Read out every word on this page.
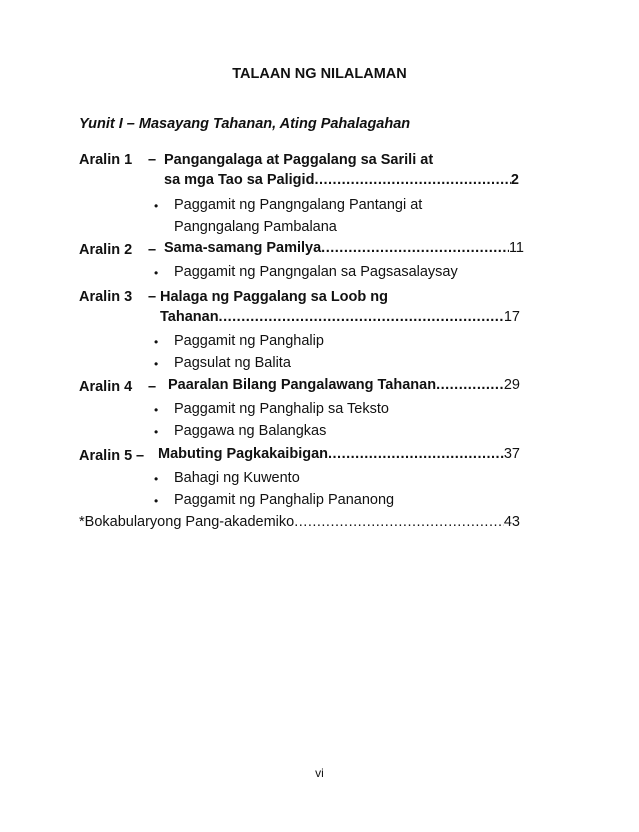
TALAAN NG NILALAMAN
Yunit I – Masayang Tahanan, Ating Pahalagahan
Aralin 1 – Pangangalaga at Paggalang sa Sarili at
sa mga Tao sa Paligid .....	2
• Paggamit ng Pangngalang Pantangi at
Pangngalang Pambalana
Aralin 2 – Sama-samang Pamilya .....	11
• Paggamit ng Pangngalan sa Pagsasalaysay
Aralin 3 – Halaga ng Paggalang sa Loob ng
Tahanan .....	17
• Paggamit ng Panghalip
• Pagsulat ng Balita
Aralin 4 – Paaralan Bilang Pangalawang Tahanan .....	29
• Paggamit ng Panghalip sa Teksto
• Paggawa ng Balangkas
Aralin 5 – Mabuting Pagkakaibigan .....	37
• Bahagi ng Kuwento
• Paggamit ng Panghalip Pananong
*Bokabularyong Pang-akademiko .....	43
vi
